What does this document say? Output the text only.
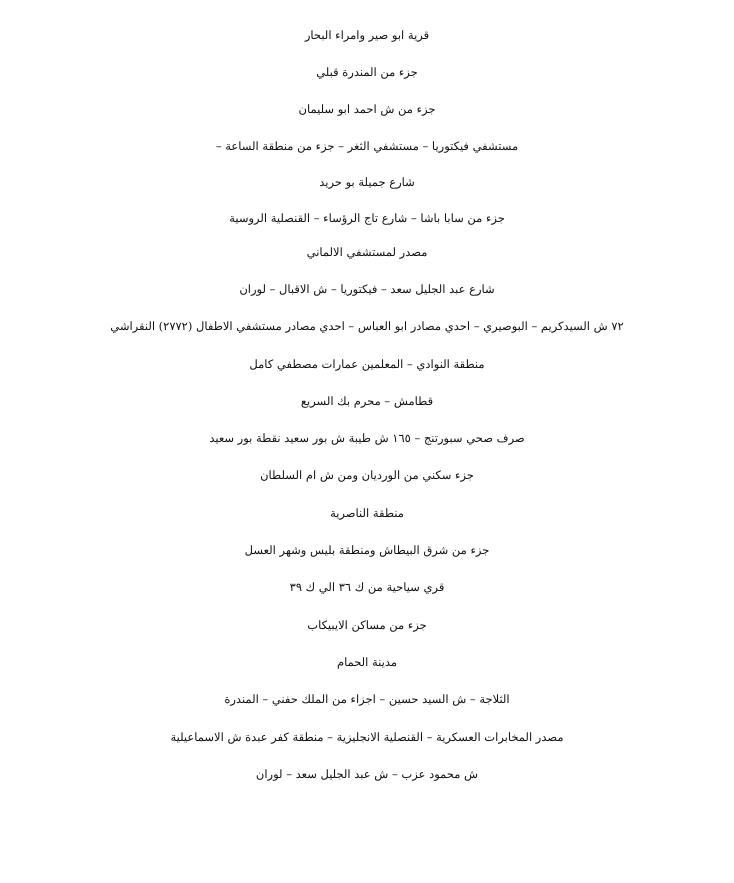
قرية ابو صير وامراء البحار
جزء من المندرة قبلي
جزء من ش احمد ابو سليمان
مستشفي فيكتوريا – مستشفي الثغر – جزء من منطقة الساعة –
شارع جميلة بو حريد
جزء من سابا باشا – شارع تاج الرؤساء – القنصلية الروسية
مصدر لمستشفي الالماني
شارع عبد الجليل سعد – فيكتوريا – ش الاقبال – لوران
٧٢ ش السيدكريم – البوصيري – احدي مصادر ابو العباس – احدي مصادر مستشفي الاطفال (٢٧٧٢) النقراشي
منطقة النوادي – المعلمين عمارات مصطفي كامل
قطامش – محرم بك السريع
صرف صحي سبورتنج – ١٦٥ ش طيبة ش بور سعيد نقطة بور سعيد
جزء سكني من الورديان ومن ش ام السلطان
منطقة الناصرية
جزء من شرق البيطاش ومنطقة بليس وشهر العسل
قري سياحية من ك ٣٦ الي ك ٣٩
جزء من مساكن الايبيكاب
مدينة الحمام
الثلاجة – ش السيد حسين – اجزاء من الملك حفني – المندرة
مصدر المخابرات العسكرية – القنصلية الانجليزية – منطقة كفر عبدة ش الاسماعيلية
ش محمود عزب – ش عبد الجليل سعد – لوران
